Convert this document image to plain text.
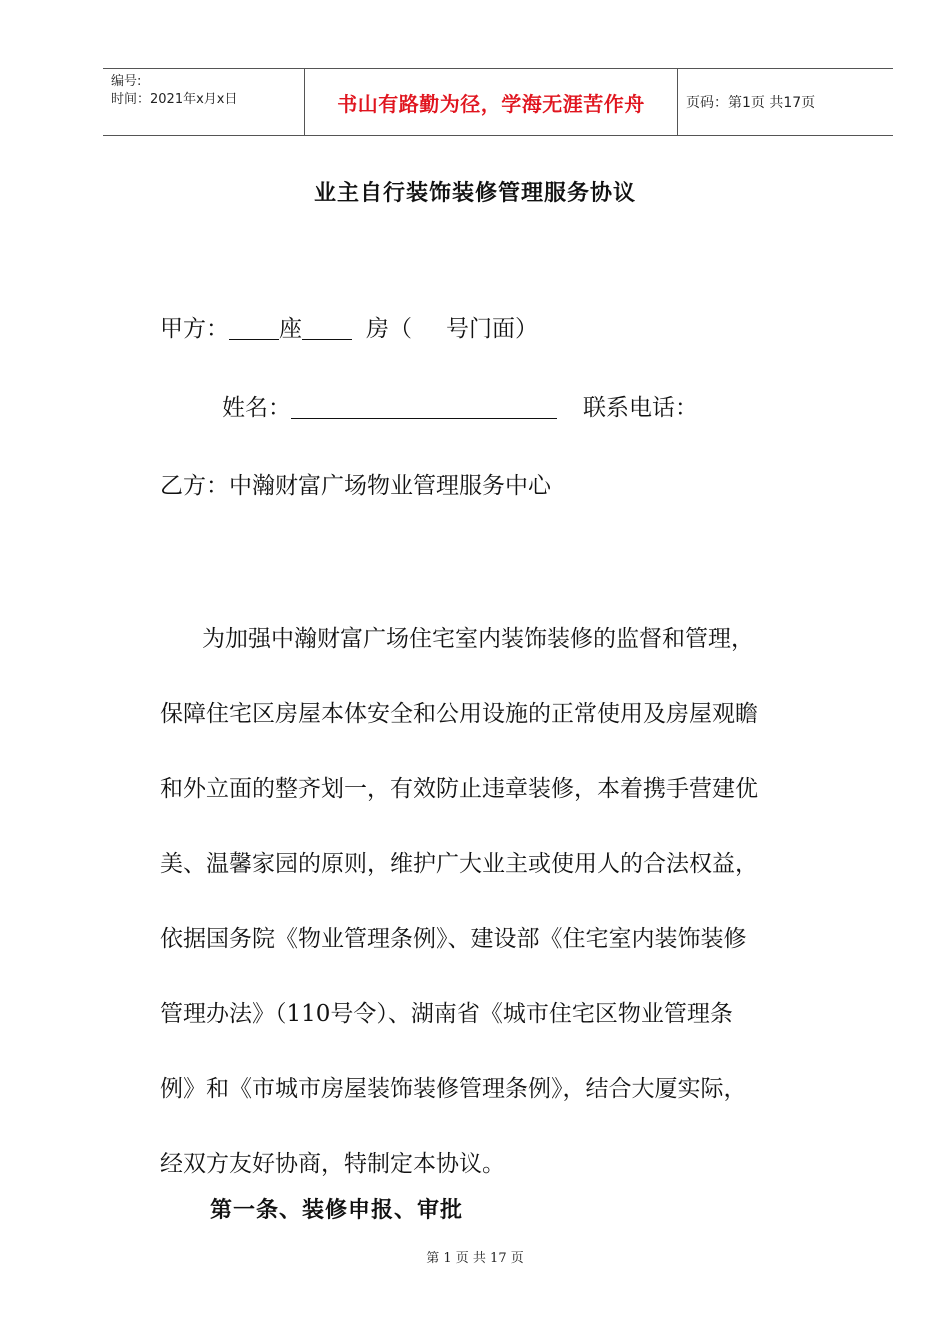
编号:
时间：2021年x月x日	书山有路勤为径，学海无涯苦作舟	页码：第1页 共17页
业主自行装饰装修管理服务协议
甲方： 座	房（ 号门面）
姓名：	联系电话：
乙方：中瀚财富广场物业管理服务中心
为加强中瀚财富广场住宅室内装饰装修的监督和管理，
保障住宅区房屋本体安全和公用设施的正常使用及房屋观瞻
和外立面的整齐划一，有效防止违章装修，本着携手营建优
美、温馨家园的原则，维护广大业主或使用人的合法权益，
依据国务院《物业管理条例》、建设部《住宅室内装饰装修
管理办法》（110号令）、湖南省《城市住宅区物业管理条
例》和《市城市房屋装饰装修管理条例》，结合大厦实际，
经双方友好协商，特制定本协议。
第一条、装修申报、审批
第 1 页 共 17 页
